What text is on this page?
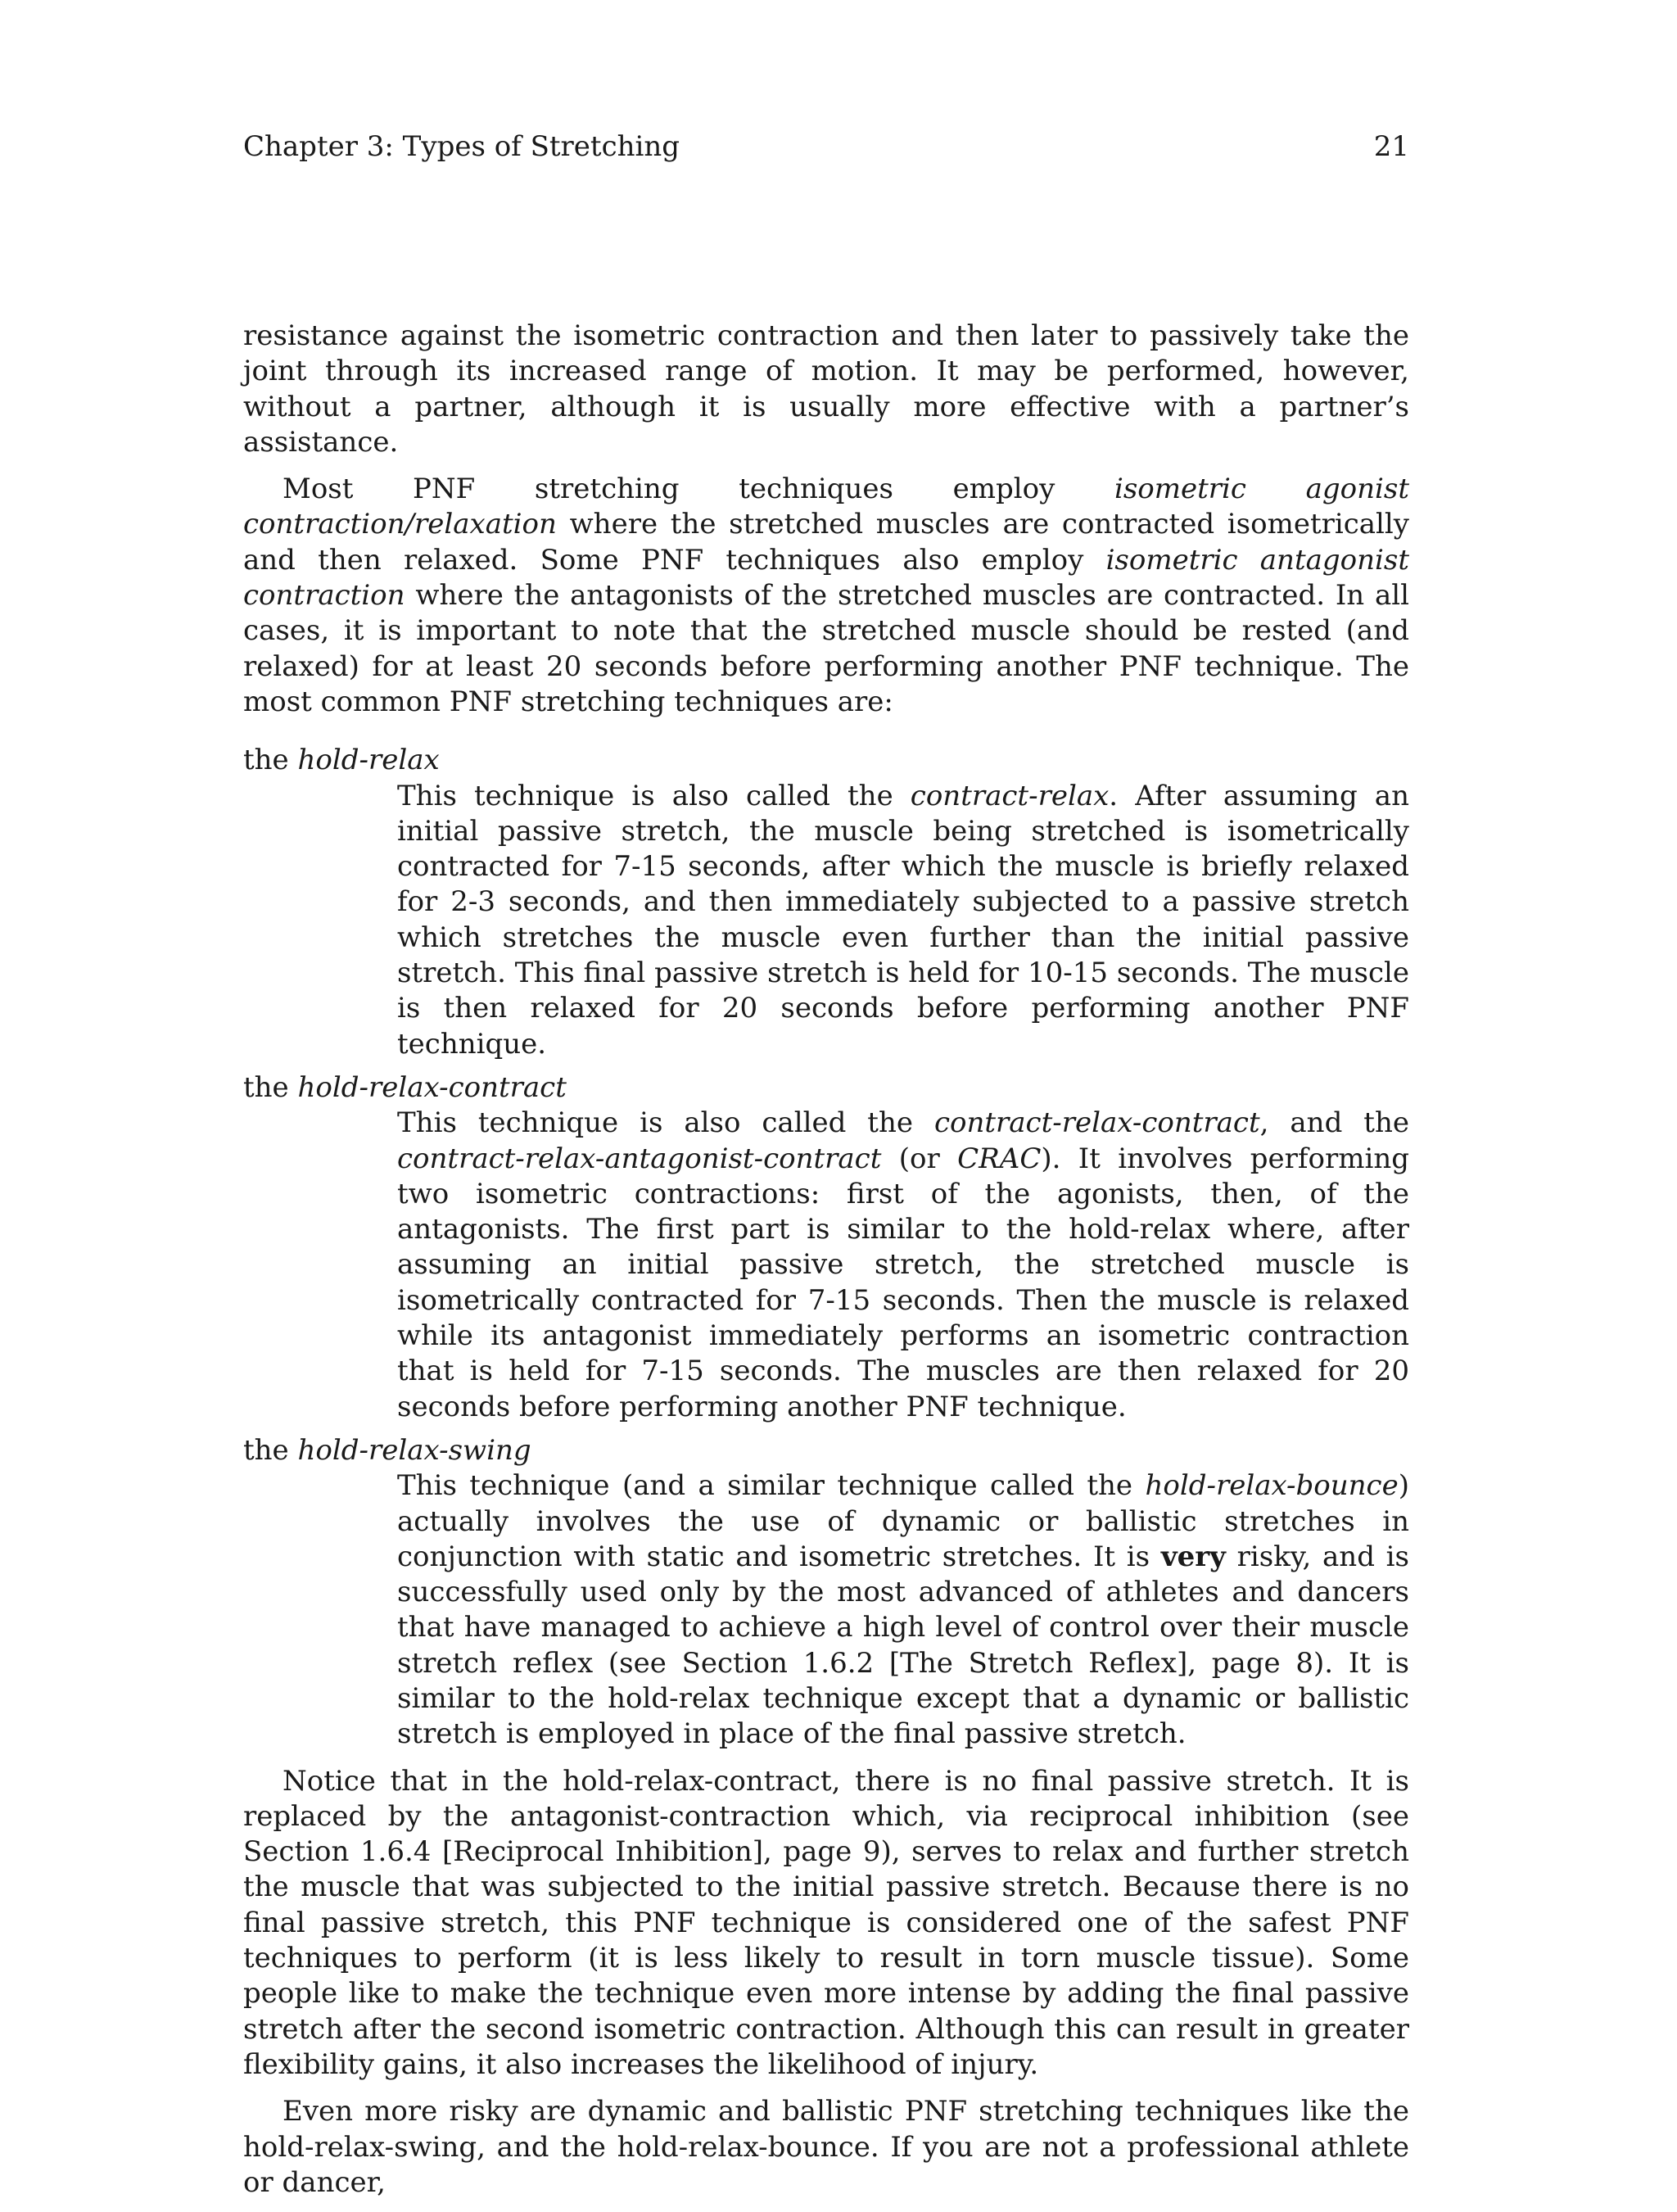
Chapter 3: Types of Stretching	21

resistance against the isometric contraction and then later to passively take the joint through its increased range of motion. It may be performed, however, without a partner, although it is usually more effective with a partner’s assistance.

Most PNF stretching techniques employ isometric agonist contraction/relaxation where the stretched muscles are contracted isometrically and then relaxed. Some PNF techniques also employ isometric antagonist contraction where the antagonists of the stretched muscles are contracted. In all cases, it is important to note that the stretched muscle should be rested (and relaxed) for at least 20 seconds before performing another PNF technique. The most common PNF stretching techniques are:

the hold-relax
This technique is also called the contract-relax. After assuming an initial passive stretch, the muscle being stretched is isometrically contracted for 7-15 seconds, after which the muscle is briefly relaxed for 2-3 seconds, and then immediately subjected to a passive stretch which stretches the muscle even further than the initial passive stretch. This final passive stretch is held for 10-15 seconds. The muscle is then relaxed for 20 seconds before performing another PNF technique.
the hold-relax-contract
This technique is also called the contract-relax-contract, and the contract-relax-antagonist-contract (or CRAC). It involves performing two isometric contractions: first of the agonists, then, of the antagonists. The first part is similar to the hold-relax where, after assuming an initial passive stretch, the stretched muscle is isometrically contracted for 7-15 seconds. Then the muscle is relaxed while its antagonist immediately performs an isometric contraction that is held for 7-15 seconds. The muscles are then relaxed for 20 seconds before performing another PNF technique.
the hold-relax-swing
This technique (and a similar technique called the hold-relax-bounce) actually involves the use of dynamic or ballistic stretches in conjunction with static and isometric stretches. It is very risky, and is successfully used only by the most advanced of athletes and dancers that have managed to achieve a high level of control over their muscle stretch reflex (see Section 1.6.2 [The Stretch Reflex], page 8). It is similar to the hold-relax technique except that a dynamic or ballistic stretch is employed in place of the final passive stretch.

Notice that in the hold-relax-contract, there is no final passive stretch. It is replaced by the antagonist-contraction which, via reciprocal inhibition (see Section 1.6.4 [Reciprocal Inhibition], page 9), serves to relax and further stretch the muscle that was subjected to the initial passive stretch. Because there is no final passive stretch, this PNF technique is considered one of the safest PNF techniques to perform (it is less likely to result in torn muscle tissue). Some people like to make the technique even more intense by adding the final passive stretch after the second isometric contraction. Although this can result in greater flexibility gains, it also increases the likelihood of injury.

Even more risky are dynamic and ballistic PNF stretching techniques like the hold-relax-swing, and the hold-relax-bounce. If you are not a professional athlete or dancer,
